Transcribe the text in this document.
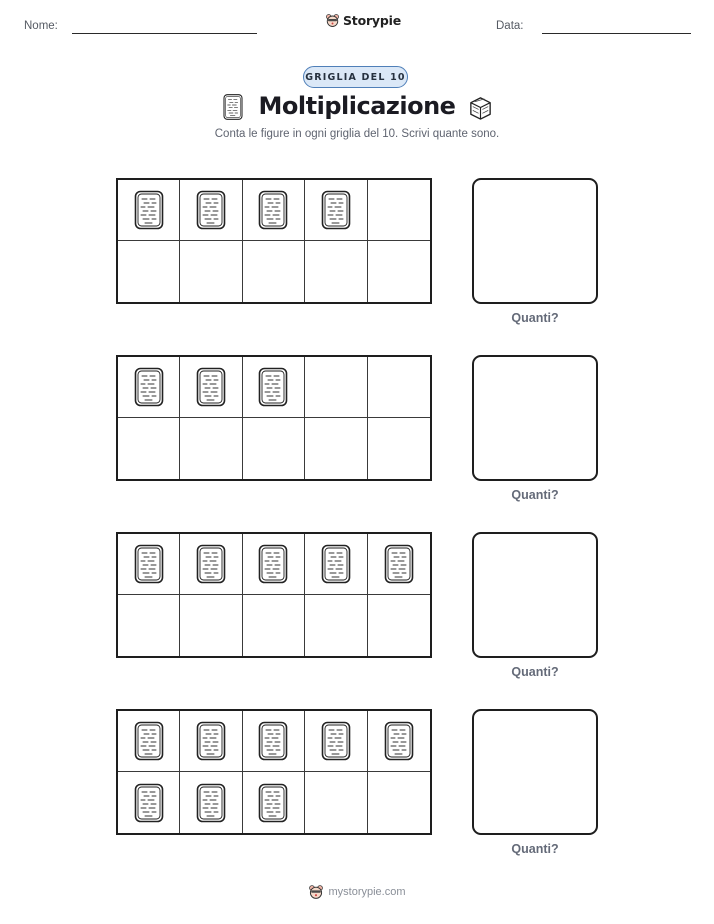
Nome:	Storypie	Data:
GRIGLIA DEL 10
Moltiplicazione
Conta le figure in ogni griglia del 10. Scrivi quante sono.
Quanti?
Quanti?
Quanti?
Quanti?
mystorypie.com
